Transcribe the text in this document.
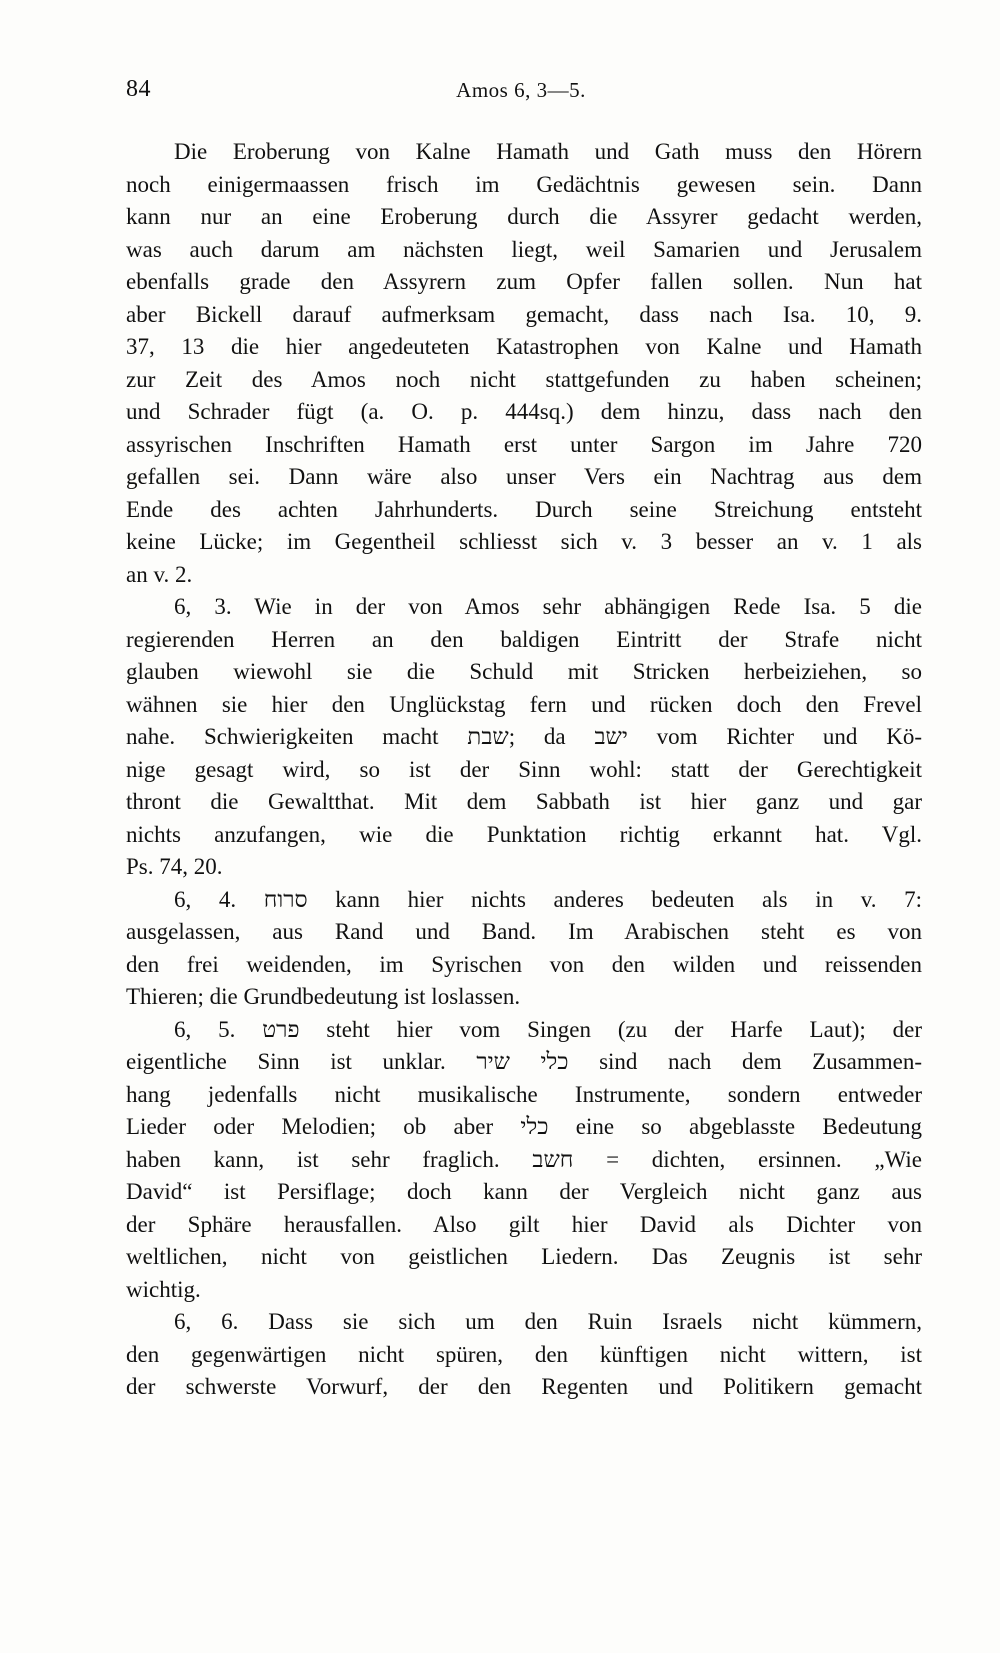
84	Amos 6, 3—5.
Die Eroberung von Kalne Hamath und Gath muss den Hörern
noch einigermaassen frisch im Gedächtnis gewesen sein. Dann
kann nur an eine Eroberung durch die Assyrer gedacht werden,
was auch darum am nächsten liegt, weil Samarien und Jerusalem
ebenfalls grade den Assyrern zum Opfer fallen sollen. Nun hat
aber Bickell darauf aufmerksam gemacht, dass nach Isa. 10, 9.
37, 13 die hier angedeuteten Katastrophen von Kalne und Hamath
zur Zeit des Amos noch nicht stattgefunden zu haben scheinen;
und Schrader fügt (a. O. p. 444sq.) dem hinzu, dass nach den
assyrischen Inschriften Hamath erst unter Sargon im Jahre 720
gefallen sei. Dann wäre also unser Vers ein Nachtrag aus dem
Ende des achten Jahrhunderts. Durch seine Streichung entsteht
keine Lücke; im Gegentheil schliesst sich v. 3 besser an v. 1 als
an v. 2.
6, 3. Wie in der von Amos sehr abhängigen Rede Isa. 5 die
regierenden Herren an den baldigen Eintritt der Strafe nicht
glauben wiewohl sie die Schuld mit Stricken herbeiziehen, so
wähnen sie hier den Unglückstag fern und rücken doch den Frevel
nahe. Schwierigkeiten macht שבת; da ישב vom Richter und Kö-
nige gesagt wird, so ist der Sinn wohl: statt der Gerechtigkeit
thront die Gewaltthat. Mit dem Sabbath ist hier ganz und gar
nichts anzufangen, wie die Punktation richtig erkannt hat. Vgl.
Ps. 74, 20.
6, 4. סרוח kann hier nichts anderes bedeuten als in v. 7:
ausgelassen, aus Rand und Band. Im Arabischen steht es von
den frei weidenden, im Syrischen von den wilden und reissenden
Thieren; die Grundbedeutung ist loslassen.
6, 5. פרט steht hier vom Singen (zu der Harfe Laut); der
eigentliche Sinn ist unklar. כלי שיר sind nach dem Zusammen-
hang jedenfalls nicht musikalische Instrumente, sondern entweder
Lieder oder Melodien; ob aber כלי eine so abgeblasste Bedeutung
haben kann, ist sehr fraglich. חשב = dichten, ersinnen. „Wie
David“ ist Persiflage; doch kann der Vergleich nicht ganz aus
der Sphäre herausfallen. Also gilt hier David als Dichter von
weltlichen, nicht von geistlichen Liedern. Das Zeugnis ist sehr
wichtig.
6, 6. Dass sie sich um den Ruin Israels nicht kümmern,
den gegenwärtigen nicht spüren, den künftigen nicht wittern, ist
der schwerste Vorwurf, der den Regenten und Politikern gemacht
